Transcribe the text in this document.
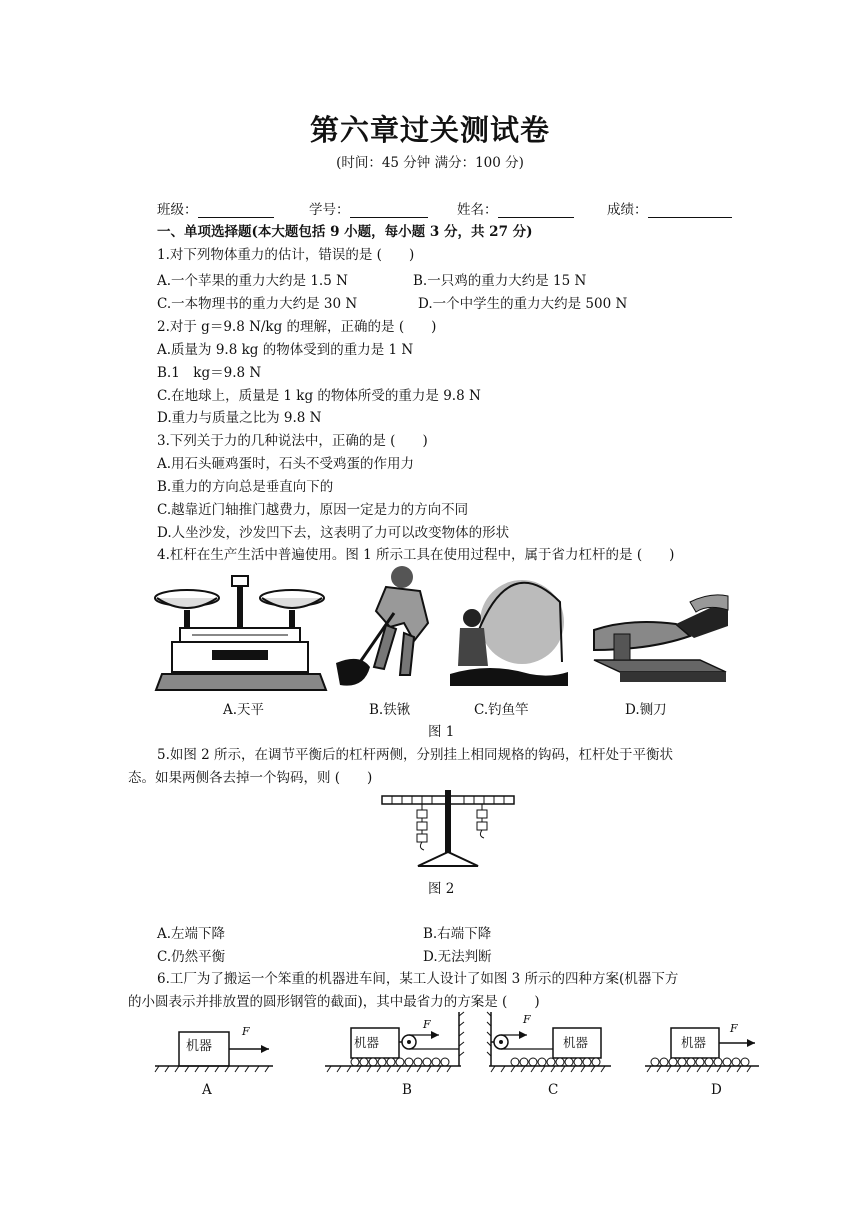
第六章过关测试卷
(时间：45 分钟 满分：100 分)
班级：	学号：	姓名：	成绩：
一、单项选择题(本大题包括 9 小题，每小题 3 分，共 27 分)
1.对下列物体重力的估计，错误的是 (　　)
A.一个苹果的重力大约是 1.5 N	B.一只鸡的重力大约是 15 N
C.一本物理书的重力大约是 30 N	D.一个中学生的重力大约是 500 N
2.对于 g＝9.8 N/kg 的理解，正确的是 (　　)
A.质量为 9.8 kg 的物体受到的重力是 1 N
B.1　kg＝9.8 N
C.在地球上，质量是 1 kg 的物体所受的重力是 9.8 N
D.重力与质量之比为 9.8 N
3.下列关于力的几种说法中，正确的是 (　　)
A.用石头砸鸡蛋时，石头不受鸡蛋的作用力
B.重力的方向总是垂直向下的
C.越靠近门轴推门越费力，原因一定是力的方向不同
D.人坐沙发，沙发凹下去，这表明了力可以改变物体的形状
4.杠杆在生产生活中普遍使用。图 1 所示工具在使用过程中，属于省力杠杆的是 (　　)
A.天平	B.铁锹	C.钓鱼竿	D.铡刀
图 1
5.如图 2 所示，在调节平衡后的杠杆两侧，分别挂上相同规格的钩码，杠杆处于平衡状
态。如果两侧各去掉一个钩码，则 (　　)
图 2
A.左端下降	B.右端下降
C.仍然平衡	D.无法判断
6.工厂为了搬运一个笨重的机器进车间，某工人设计了如图 3 所示的四种方案(机器下方
的小圆表示并排放置的圆形钢管的截面)，其中最省力的方案是 (　　)
机器
F
机器
F
机器
F
机器
F
A	B	C	D
